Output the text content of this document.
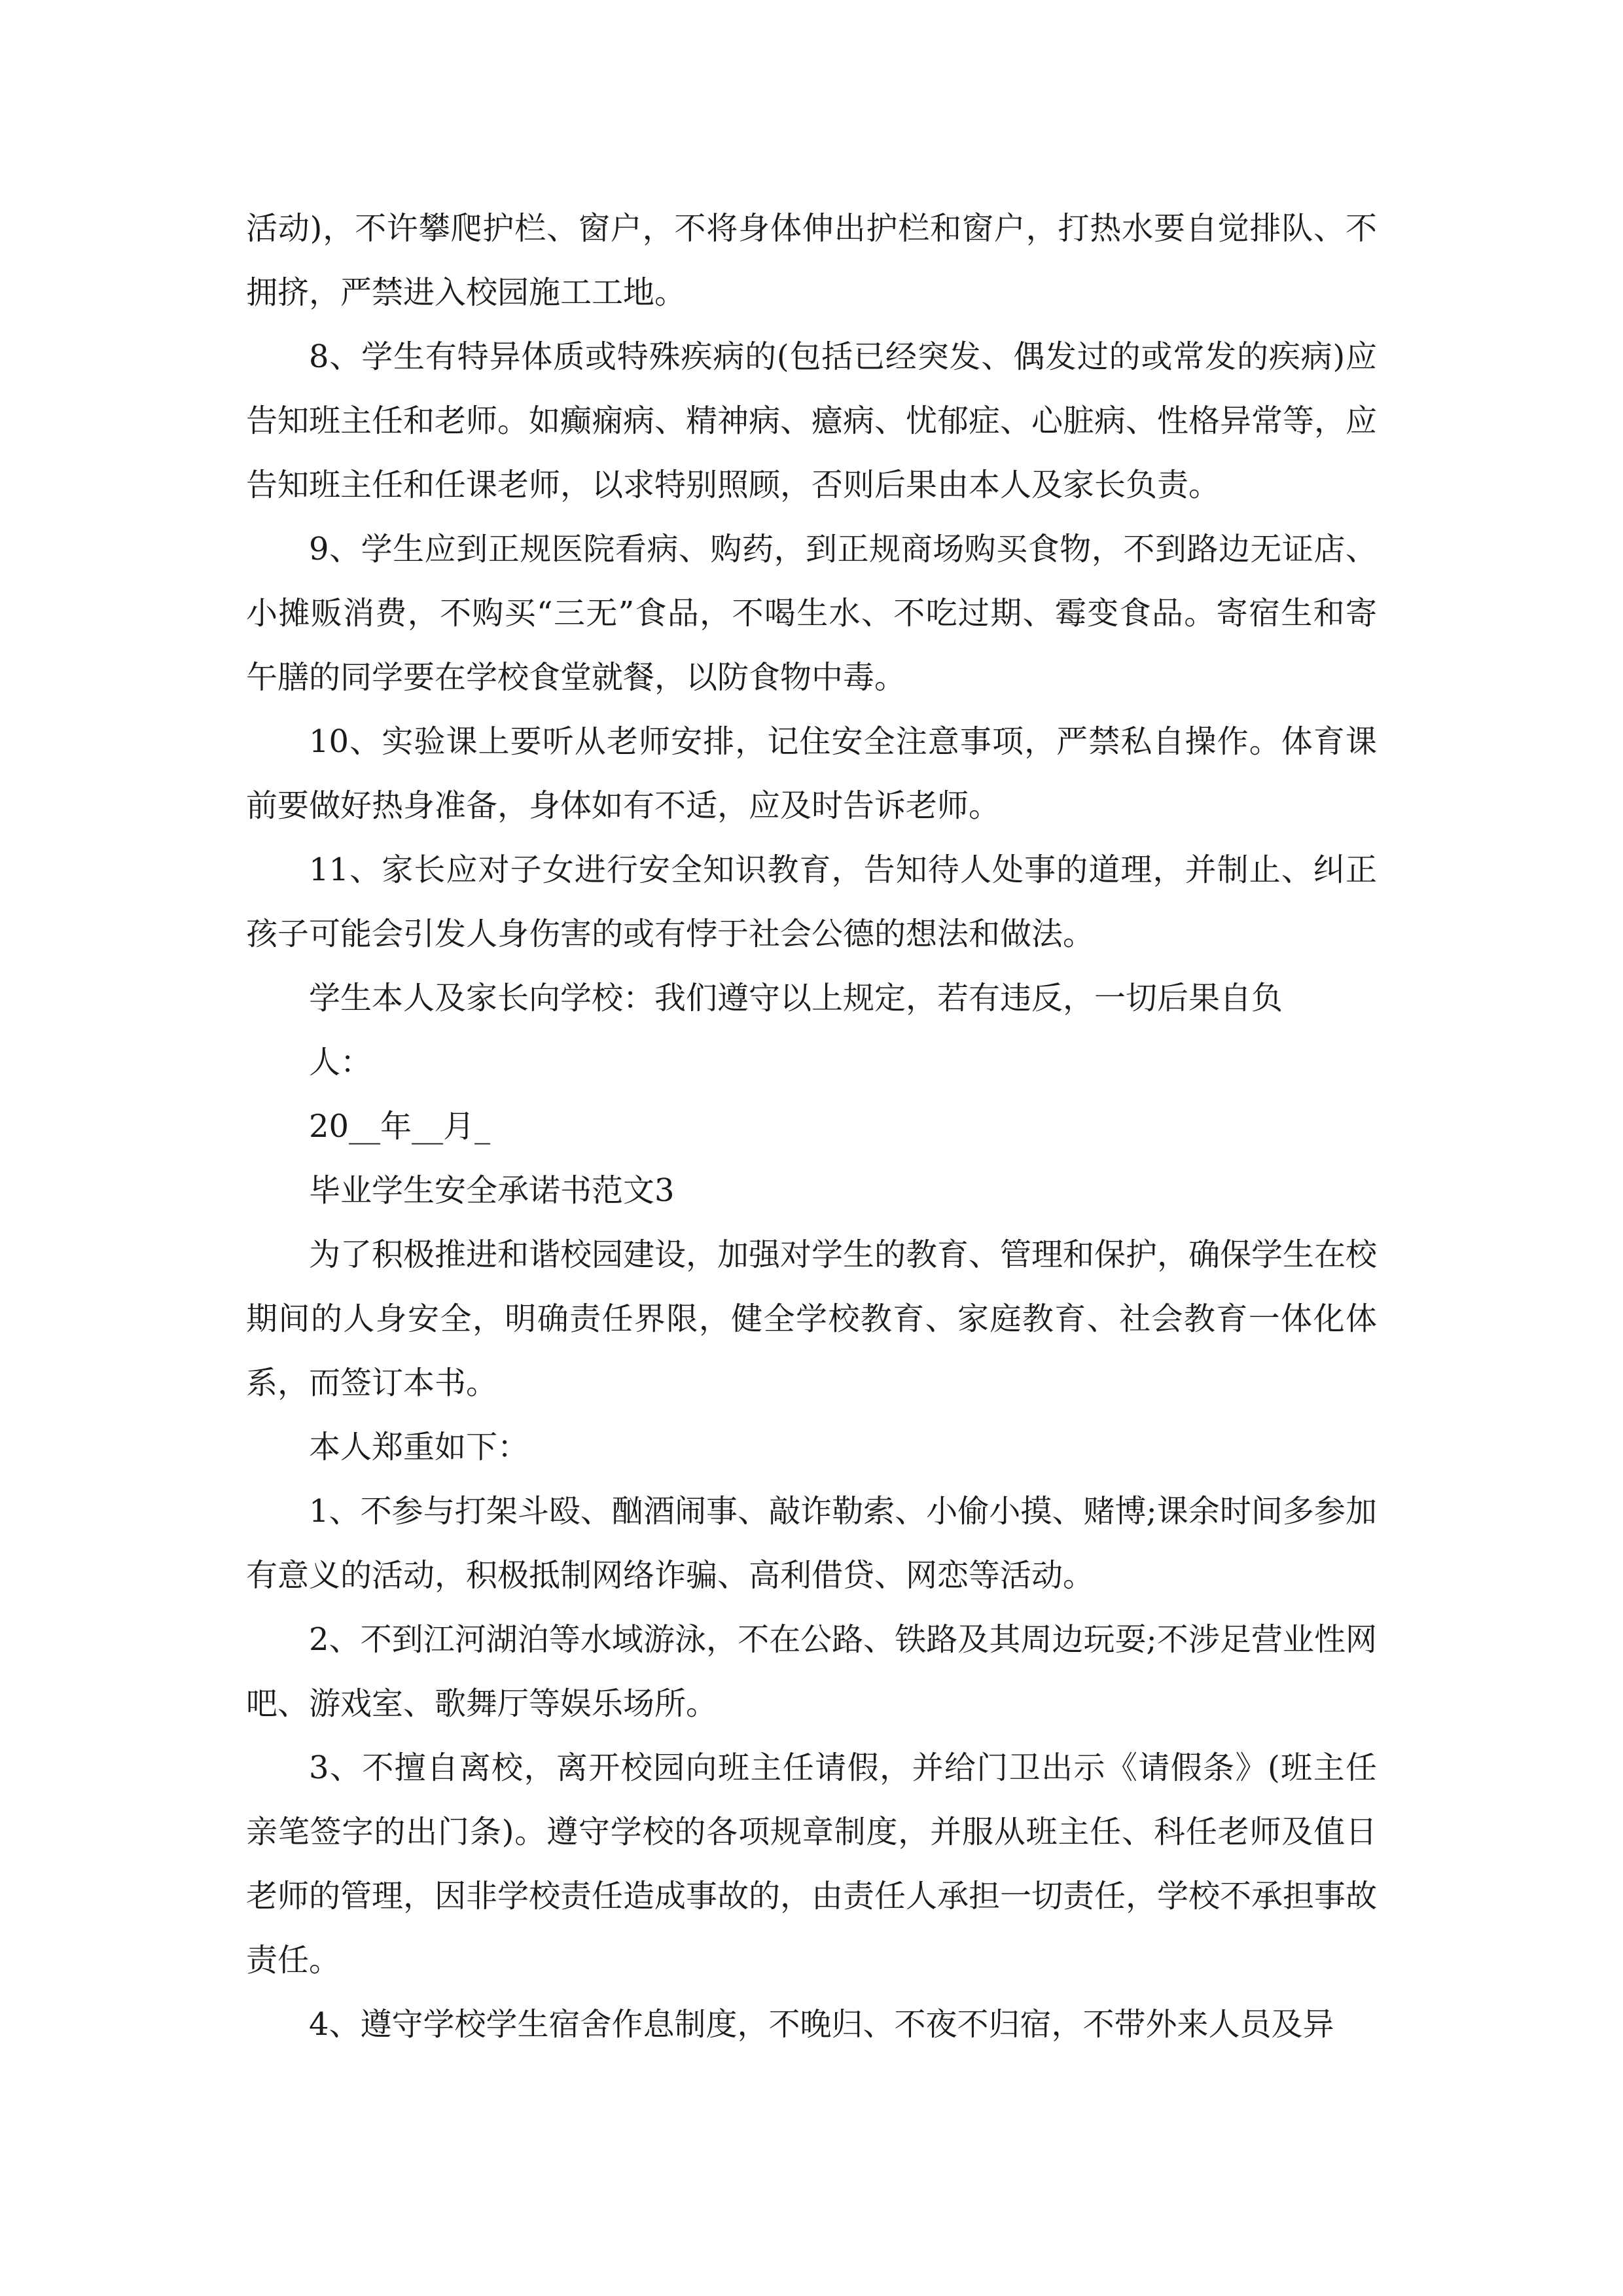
活动)，不许攀爬护栏、窗户，不将身体伸出护栏和窗户，打热水要自觉排队、不拥挤，严禁进入校园施工工地。

8、学生有特异体质或特殊疾病的(包括已经突发、偶发过的或常发的疾病)应告知班主任和老师。如癫痫病、精神病、癔病、忧郁症、心脏病、性格异常等，应告知班主任和任课老师，以求特别照顾，否则后果由本人及家长负责。

9、学生应到正规医院看病、购药，到正规商场购买食物，不到路边无证店、小摊贩消费，不购买“三无”食品，不喝生水、不吃过期、霉变食品。寄宿生和寄午膳的同学要在学校食堂就餐，以防食物中毒。

10、实验课上要听从老师安排，记住安全注意事项，严禁私自操作。体育课前要做好热身准备，身体如有不适，应及时告诉老师。

11、家长应对子女进行安全知识教育，告知待人处事的道理，并制止、纠正孩子可能会引发人身伤害的或有悖于社会公德的想法和做法。

学生本人及家长向学校：我们遵守以上规定，若有违反，一切后果自负

人：

20__年__月_

毕业学生安全承诺书范文3

为了积极推进和谐校园建设，加强对学生的教育、管理和保护，确保学生在校期间的人身安全，明确责任界限，健全学校教育、家庭教育、社会教育一体化体系，而签订本书。

本人郑重如下：

1、不参与打架斗殴、酗酒闹事、敲诈勒索、小偷小摸、赌博;课余时间多参加有意义的活动，积极抵制网络诈骗、高利借贷、网恋等活动。

2、不到江河湖泊等水域游泳，不在公路、铁路及其周边玩耍;不涉足营业性网吧、游戏室、歌舞厅等娱乐场所。

3、不擅自离校，离开校园向班主任请假，并给门卫出示《请假条》(班主任亲笔签字的出门条)。遵守学校的各项规章制度，并服从班主任、科任老师及值日老师的管理，因非学校责任造成事故的，由责任人承担一切责任，学校不承担事故责任。

4、遵守学校学生宿舍作息制度，不晚归、不夜不归宿，不带外来人员及异
